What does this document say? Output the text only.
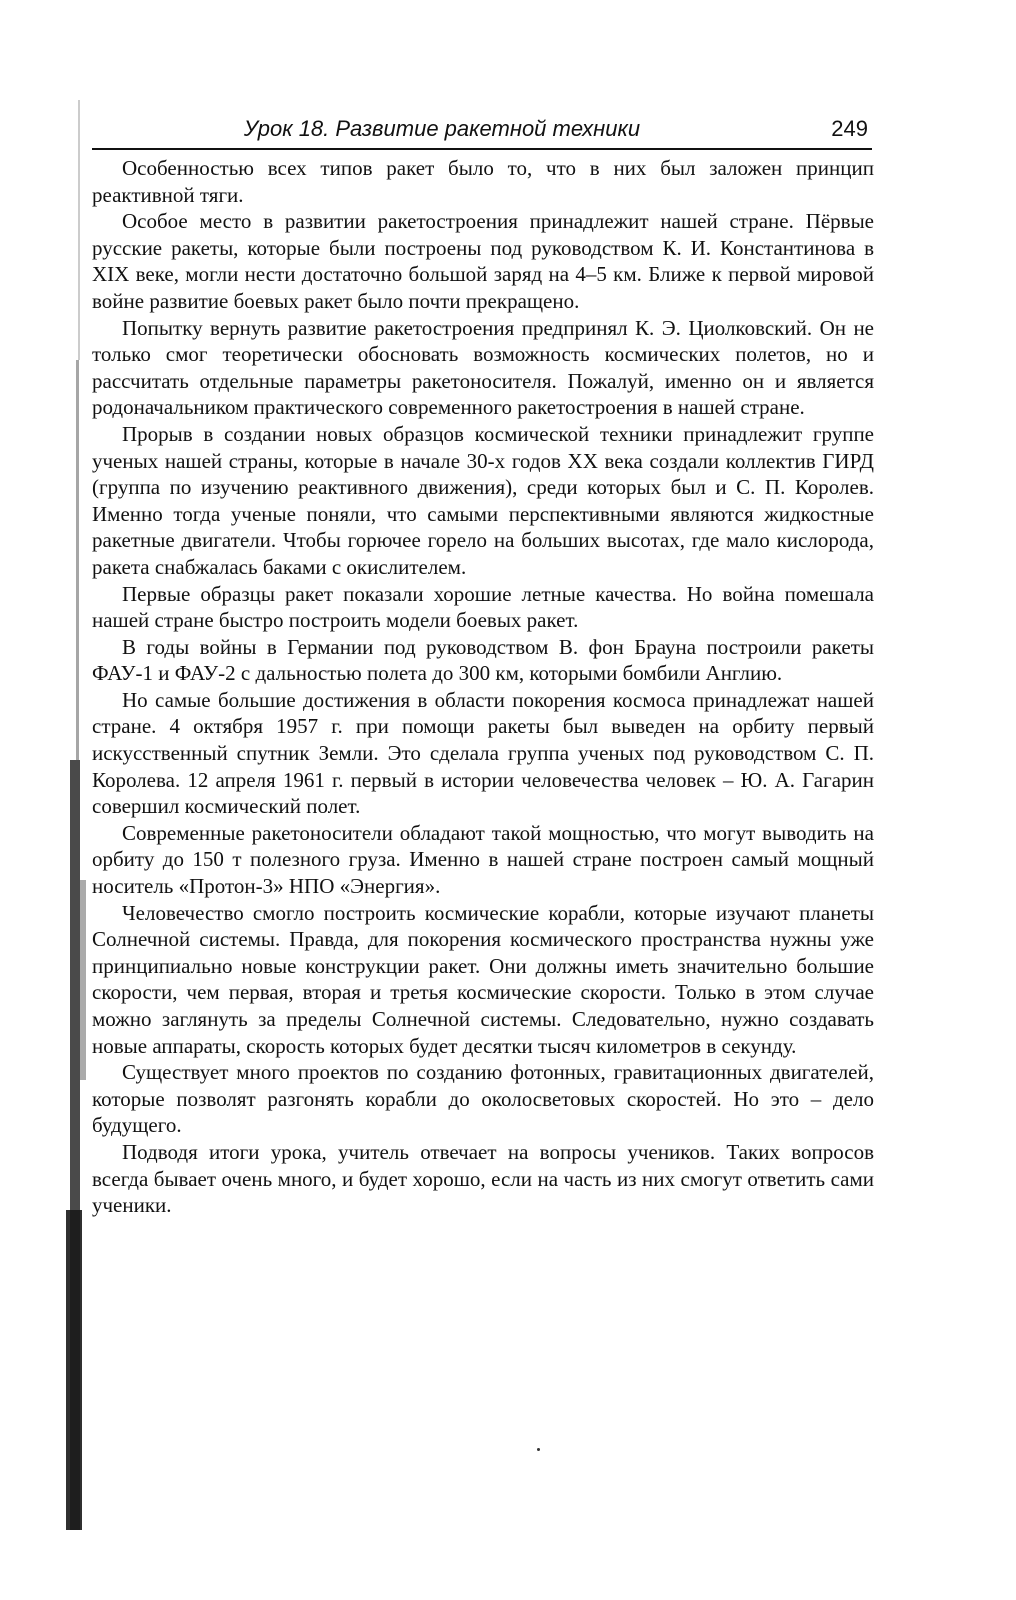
Урок 18. Развитие ракетной техники	249

Особенностью всех типов ракет было то, что в них был заложен принцип реактивной тяги.

Особое место в развитии ракетостроения принадлежит нашей стране. Пёрвые русские ракеты, которые были построены под руководством К. И. Константинова в XIX веке, могли нести достаточно большой заряд на 4–5 км. Ближе к первой мировой войне развитие боевых ракет было почти прекращено.

Попытку вернуть развитие ракетостроения предпринял К. Э. Циолковский. Он не только смог теоретически обосновать возможность космических полетов, но и рассчитать отдельные параметры ракетоносителя. Пожалуй, именно он и является родоначальником практического современного ракетостроения в нашей стране.

Прорыв в создании новых образцов космической техники принадлежит группе ученых нашей страны, которые в начале 30-х годов XX века создали коллектив ГИРД (группа по изучению реактивного движения), среди которых был и С. П. Королев. Именно тогда ученые поняли, что самыми перспективными являются жидкостные ракетные двигатели. Чтобы горючее горело на больших высотах, где мало кислорода, ракета снабжалась баками с окислителем.

Первые образцы ракет показали хорошие летные качества. Но война помешала нашей стране быстро построить модели боевых ракет.

В годы войны в Германии под руководством В. фон Брауна построили ракеты ФАУ-1 и ФАУ-2 с дальностью полета до 300 км, которыми бомбили Англию.

Но самые большие достижения в области покорения космоса принадлежат нашей стране. 4 октября 1957 г. при помощи ракеты был выведен на орбиту первый искусственный спутник Земли. Это сделала группа ученых под руководством С. П. Королева. 12 апреля 1961 г. первый в истории человечества человек – Ю. А. Гагарин совершил космический полет.

Современные ракетоносители обладают такой мощностью, что могут выводить на орбиту до 150 т полезного груза. Именно в нашей стране построен самый мощный носитель «Протон-3» НПО «Энергия».

Человечество смогло построить космические корабли, которые изучают планеты Солнечной системы. Правда, для покорения космического пространства нужны уже принципиально новые конструкции ракет. Они должны иметь значительно большие скорости, чем первая, вторая и третья космические скорости. Только в этом случае можно заглянуть за пределы Солнечной системы. Следовательно, нужно создавать новые аппараты, скорость которых будет десятки тысяч километров в секунду.

Существует много проектов по созданию фотонных, гравитационных двигателей, которые позволят разгонять корабли до околосветовых скоростей. Но это – дело будущего.

Подводя итоги урока, учитель отвечает на вопросы учеников. Таких вопросов всегда бывает очень много, и будет хорошо, если на часть из них смогут ответить сами ученики.
